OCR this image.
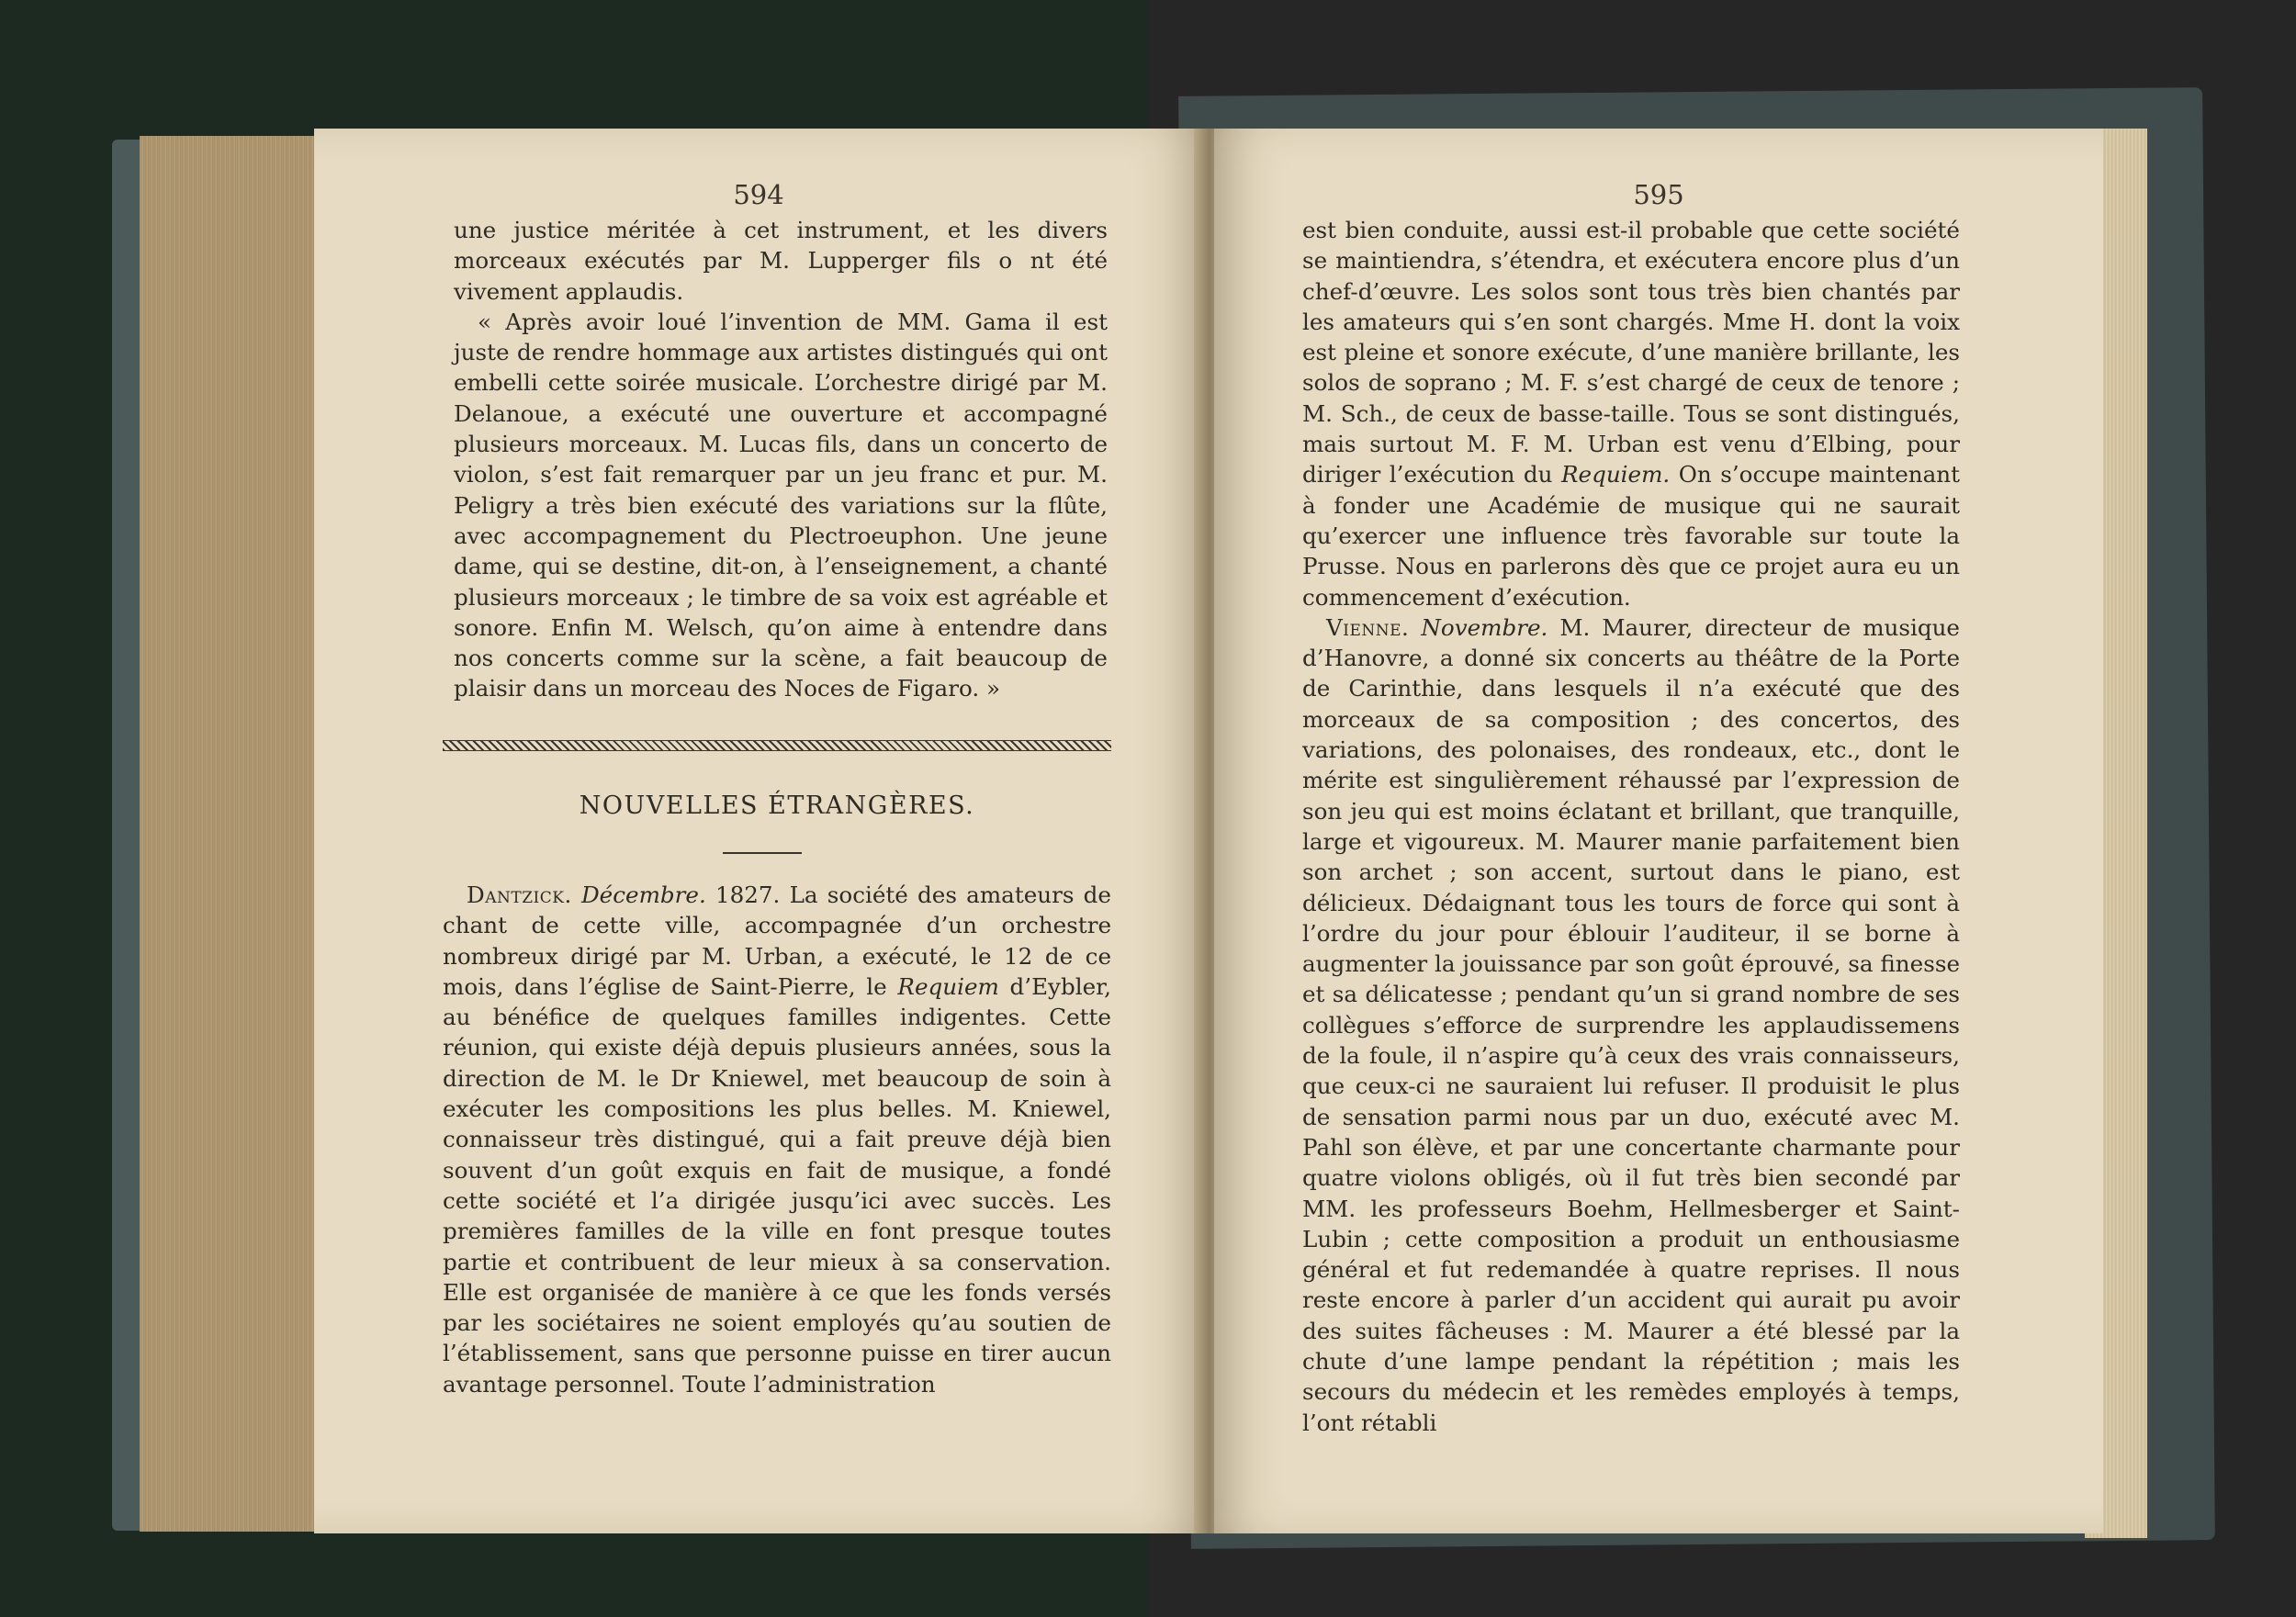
594

une justice méritée à cet instrument, et les divers morceaux exécutés par M. Lupperger fils o nt été vivement applaudis.

« Après avoir loué l’invention de MM. Gama il est juste de rendre hommage aux artistes distingués qui ont embelli cette soirée musicale. L’orchestre dirigé par M. Delanoue, a exécuté une ouverture et accompagné plusieurs morceaux. M. Lucas fils, dans un concerto de violon, s’est fait remarquer par un jeu franc et pur. M. Peligry a très bien exécuté des variations sur la flûte, avec accompagnement du Plectroeuphon. Une jeune dame, qui se destine, dit-on, à l’enseignement, a chanté plusieurs morceaux ; le timbre de sa voix est agréable et sonore. Enfin M. Welsch, qu’on aime à entendre dans nos concerts comme sur la scène, a fait beaucoup de plaisir dans un morceau des Noces de Figaro. »

NOUVELLES ÉTRANGÈRES.

Dantzick. Décembre. 1827. La société des amateurs de chant de cette ville, accompagnée d’un orchestre nombreux dirigé par M. Urban, a exécuté, le 12 de ce mois, dans l’église de Saint-Pierre, le Requiem d’Eybler, au bénéfice de quelques familles indigentes. Cette réunion, qui existe déjà depuis plusieurs années, sous la direction de M. le Dr Kniewel, met beaucoup de soin à exécuter les compositions les plus belles. M. Kniewel, connaisseur très distingué, qui a fait preuve déjà bien souvent d’un goût exquis en fait de musique, a fondé cette société et l’a dirigée jusqu’ici avec succès. Les premières familles de la ville en font presque toutes partie et contribuent de leur mieux à sa conservation. Elle est organisée de manière à ce que les fonds versés par les sociétaires ne soient employés qu’au soutien de l’établissement, sans que personne puisse en tirer aucun avantage personnel. Toute l’administration

595

est bien conduite, aussi est-il probable que cette société se maintiendra, s’étendra, et exécutera encore plus d’un chef-d’œuvre. Les solos sont tous très bien chantés par les amateurs qui s’en sont chargés. Mme H. dont la voix est pleine et sonore exécute, d’une manière brillante, les solos de soprano ; M. F. s’est chargé de ceux de tenore ; M. Sch., de ceux de basse-taille. Tous se sont distingués, mais surtout M. F. M. Urban est venu d’Elbing, pour diriger l’exécution du Requiem. On s’occupe maintenant à fonder une Académie de musique qui ne saurait qu’exercer une influence très favorable sur toute la Prusse. Nous en parlerons dès que ce projet aura eu un commencement d’exécution.

Vienne. Novembre. M. Maurer, directeur de musique d’Hanovre, a donné six concerts au théâtre de la Porte de Carinthie, dans lesquels il n’a exécuté que des morceaux de sa composition ; des concertos, des variations, des polonaises, des rondeaux, etc., dont le mérite est singulièrement réhaussé par l’expression de son jeu qui est moins éclatant et brillant, que tranquille, large et vigoureux. M. Maurer manie parfaitement bien son archet ; son accent, surtout dans le piano, est délicieux. Dédaignant tous les tours de force qui sont à l’ordre du jour pour éblouir l’auditeur, il se borne à augmenter la jouissance par son goût éprouvé, sa finesse et sa délicatesse ; pendant qu’un si grand nombre de ses collègues s’efforce de surprendre les applaudissemens de la foule, il n’aspire qu’à ceux des vrais connaisseurs, que ceux-ci ne sauraient lui refuser. Il produisit le plus de sensation parmi nous par un duo, exécuté avec M. Pahl son élève, et par une concertante charmante pour quatre violons obligés, où il fut très bien secondé par MM. les professeurs Boehm, Hellmesberger et Saint-Lubin ; cette composition a produit un enthousiasme général et fut redemandée à quatre reprises. Il nous reste encore à parler d’un accident qui aurait pu avoir des suites fâcheuses : M. Maurer a été blessé par la chute d’une lampe pendant la répétition ; mais les secours du médecin et les remèdes employés à temps, l’ont rétabli
